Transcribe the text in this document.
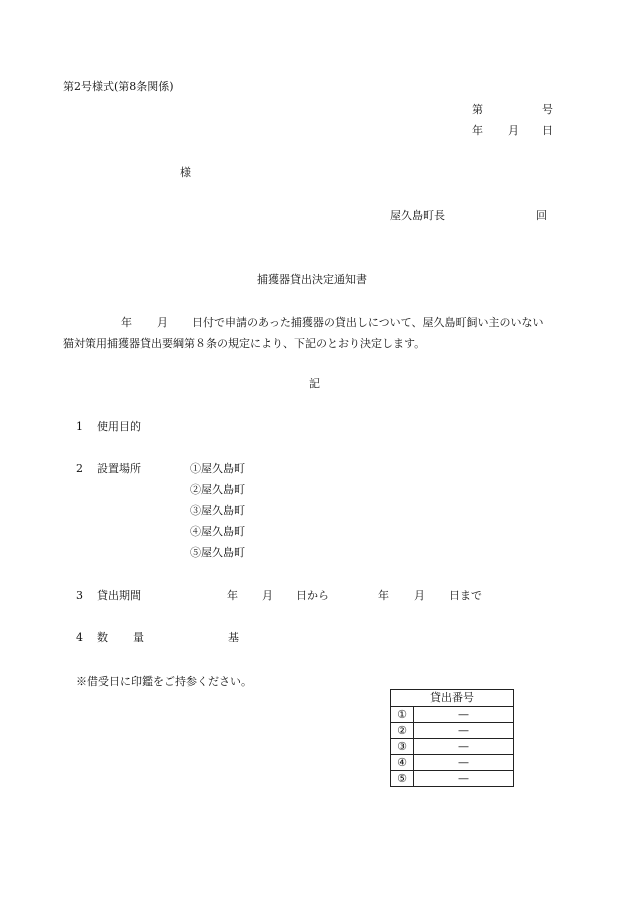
第2号様式(第8条関係)
第	号
年 月 日
様
屋久島町長	回
捕獲器貸出決定通知書
年 月 日付で申請のあった捕獲器の貸出しについて、屋久島町飼い主のいない
猫対策用捕獲器貸出要綱第８条の規定により、下記のとおり決定します。
記
1 使用目的
2 設置場所	①屋久島町
②屋久島町
③屋久島町
④屋久島町
⑤屋久島町
3 貸出期間	年 月 日から	年 月 日まで
4 数 量	基
※借受日に印鑑をご持参ください。
貸出番号	
①	—
②	—
③	—
④	—
⑤	—
